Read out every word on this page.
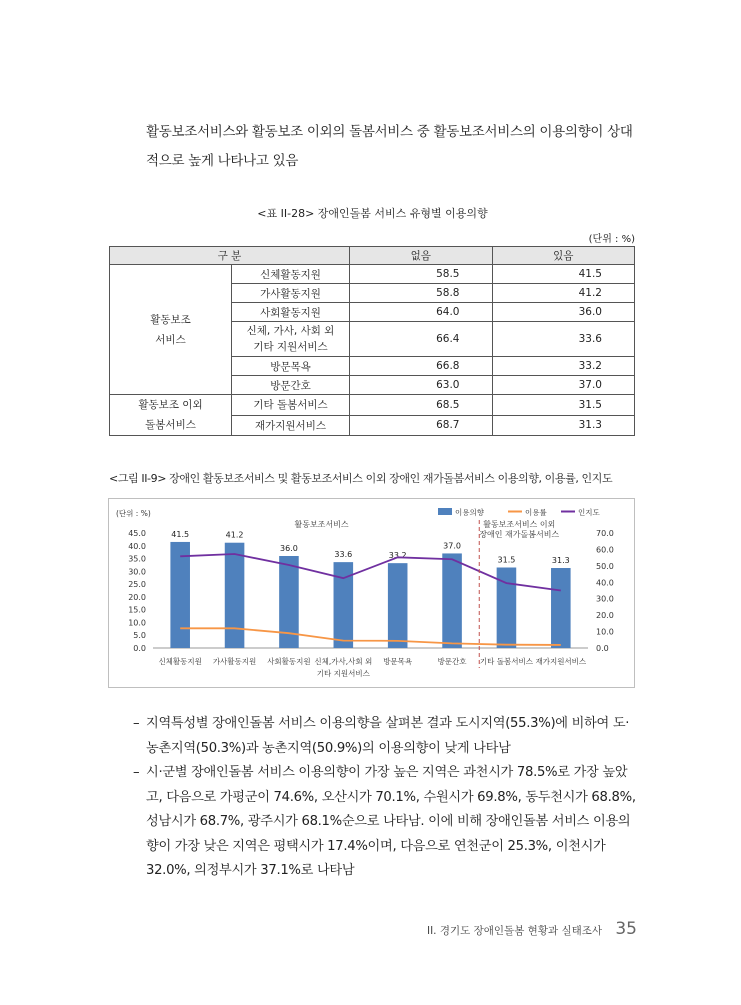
활동보조서비스와 활동보조 이외의 돌봄서비스 중 활동보조서비스의 이용의향이 상대

적으로 높게 나타나고 있음

<표 II-28> 장애인돌봄 서비스 유형별 이용의향
(단위 : %)
구 분		없음	있음
활동보조
서비스	신체활동지원	58.5	41.5
	가사활동지원	58.8	41.2
	사회활동지원	64.0	36.0
	신체, 가사, 사회 외
기타 지원서비스	66.4	33.6
	방문목욕	66.8	33.2
	방문간호	63.0	37.0
활동보조 이외
돌봄서비스	기타 돌봄서비스	68.5	31.5
	재가지원서비스	68.7	31.3
<그림 II-9> 장애인 활동보조서비스 및 활동보조서비스 이외 장애인 재가돌봄서비스 이용의향, 이용률, 인지도
(단위 : %)
0.0
5.0
10.0
15.0
20.0
25.0
30.0
35.0
40.0
45.0
0.0
10.0
20.0
30.0
40.0
50.0
60.0
70.0
41.5	41.2
36.0
33.6	33.2
37.0
31.5	31.3
활동보조서비스	활동보조서비스 이외
장애인 재가돌봄서비스
신체활동지원 가사활동지원 사회활동지원 신체,가사,사회 외
기타 지원서비스
방문목욕	방문간호 기타 돌봄서비스 재가지원서비스
이용의향	이용률	인지도
– 지역특성별 장애인돌봄 서비스 이용의향을 살펴본 결과 도시지역(55.3%)에 비하여 도·농촌지역(50.3%)과 농촌지역(50.9%)의 이용의향이 낮게 나타남
– 시·군별 장애인돌봄 서비스 이용의향이 가장 높은 지역은 과천시가 78.5%로 가장 높았고, 다음으로 가평군이 74.6%, 오산시가 70.1%, 수원시가 69.8%, 동두천시가 68.8%, 성남시가 68.7%, 광주시가 68.1%순으로 나타남. 이에 비해 장애인돌봄 서비스 이용의향이 가장 낮은 지역은 평택시가 17.4%이며, 다음으로 연천군이 25.3%, 이천시가 32.0%, 의정부시가 37.1%로 나타남
II. 경기도 장애인돌봄 현황과 실태조사 35
